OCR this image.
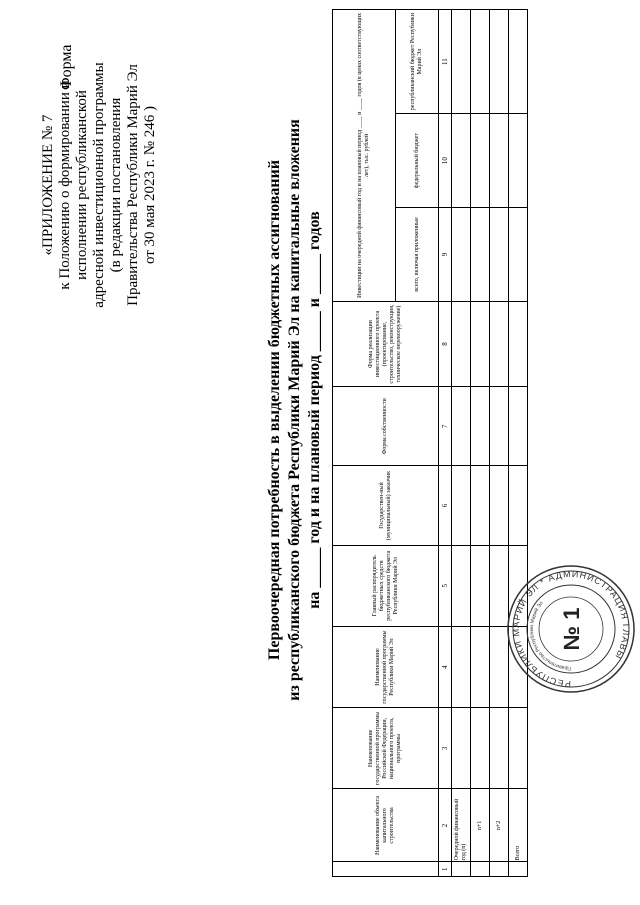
«ПРИЛОЖЕНИЕ № 7 к Положению о формировании и исполнении республиканской адресной инвестиционной программы (в редакции постановления Правительства Республики Марий Эл от 30 мая 2023 г. № 246 )
Форма
Первоочередная потребность в выделении бюджетных ассигнований из республиканского бюджета Республики Марий Эл на капитальные вложения на _____ год и на плановый период _____ и _____ годов
	Наименование объекта капитального строительства	Наименование государственной программы Российской Федерации, национального проекта, программы	Наименование государственной программы Республики Марий Эл	Главный распорядитель бюджетных средств республиканского бюджета Республики Марий Эл	Государствен-ный (муниципальный) заказчик	Форма собственности	Форма реализации инвестиционного проекта (проектирование, строительство, реконструкция, техническое перевооружение)	Инвестиции на очередной финансовый год и на плановый период ____ и ____ годов (в ценах соответствующих лет), тыс. рублей		
								всего, включая приложенные	федеральный бюджет	республиканский бюджет Республики Марий Эл
1	2	3	4	5	6	7	8	9	10	11
	Очередной финансовый год (n)									
	n+1									
	n+2									
	Всего									
РЕСПУБЛИКИ МАРИЙ ЭЛ * АДМИНИСТРАЦИЯ ГЛАВЫ
Правительство Республики Марий Эл
№ 1
